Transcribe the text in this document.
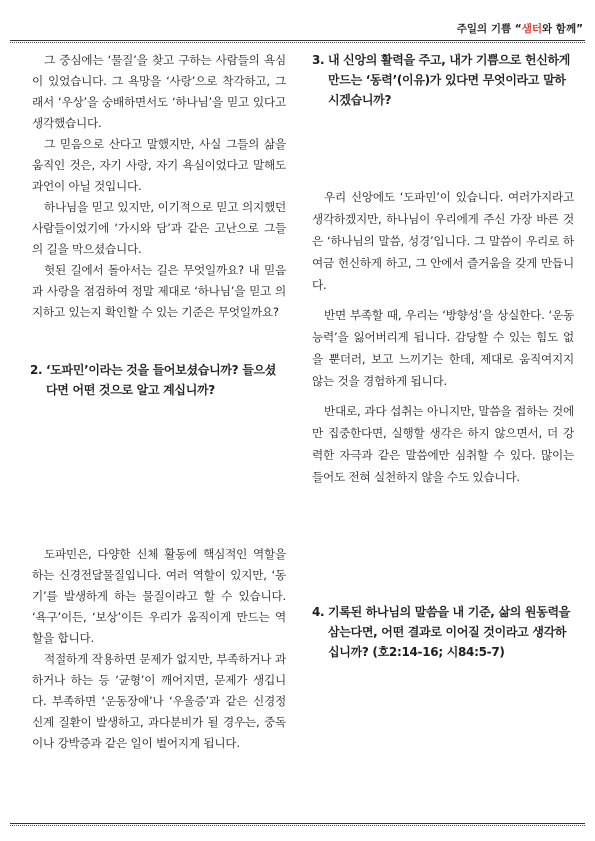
주일의 기쁨 “샘터와 함께”

그 중심에는 ‘물질’을 찾고 구하는 사람들의 욕심이 있었습니다. 그 욕망을 ‘사랑’으로 착각하고, 그래서 ‘우상’을 숭배하면서도 ‘하나님’을 믿고 있다고 생각했습니다.

그 믿음으로 산다고 말했지만, 사실 그들의 삶을 움직인 것은, 자기 사랑, 자기 욕심이었다고 말해도 과언이 아닐 것입니다.

하나님을 믿고 있지만, 이기적으로 믿고 의지했던 사람들이었기에 ‘가시와 담’과 같은 고난으로 그들의 길을 막으셨습니다.

헛된 길에서 돌아서는 길은 무엇일까요? 내 믿음과 사랑을 점검하여 정말 제대로 ‘하나님’을 믿고 의지하고 있는지 확인할 수 있는 기준은 무엇일까요?

2. ‘도파민’이라는 것을 들어보셨습니까? 들으셨다면 어떤 것으로 알고 계십니까?

도파민은, 다양한 신체 활동에 핵심적인 역할을 하는 신경전달물질입니다. 여러 역할이 있지만, ‘동기’를 발생하게 하는 물질이라고 할 수 있습니다. ‘욕구’이든, ‘보상’이든 우리가 움직이게 만드는 역할을 합니다.

적절하게 작용하면 문제가 없지만, 부족하거나 과하거나 하는 등 ‘균형’이 깨어지면, 문제가 생깁니다. 부족하면 ‘운동장애’나 ‘우울증’과 같은 신경정신계 질환이 발생하고, 과다분비가 될 경우는, 중독이나 강박증과 같은 일이 벌어지게 됩니다.

3. 내 신앙의 활력을 주고, 내가 기쁨으로 헌신하게 만드는 ‘동력’(이유)가 있다면 무엇이라고 말하시겠습니까?

우리 신앙에도 ‘도파민’이 있습니다. 여러가지라고 생각하겠지만, 하나님이 우리에게 주신 가장 바른 것은 ‘하나님의 말씀, 성경’입니다. 그 말씀이 우리로 하여금 헌신하게 하고, 그 안에서 즐거움을 갖게 만듭니다.

반면 부족할 때, 우리는 ‘방향성’을 상실한다. ‘운동능력’을 잃어버리게 됩니다. 감당할 수 있는 힘도 없을 뿐더러, 보고 느끼기는 한데, 제대로 움직여지지 않는 것을 경험하게 됩니다.

반대로, 과다 섭취는 아니지만, 말씀을 접하는 것에만 집중한다면, 실행할 생각은 하지 않으면서, 더 강력한 자극과 같은 말씀에만 심취할 수 있다. 많이는 들어도 전혀 실천하지 않을 수도 있습니다.

4. 기록된 하나님의 말씀을 내 기준, 삶의 원동력을 삼는다면, 어떤 결과로 이어질 것이라고 생각하십니까? (호2:14-16; 시84:5-7)
